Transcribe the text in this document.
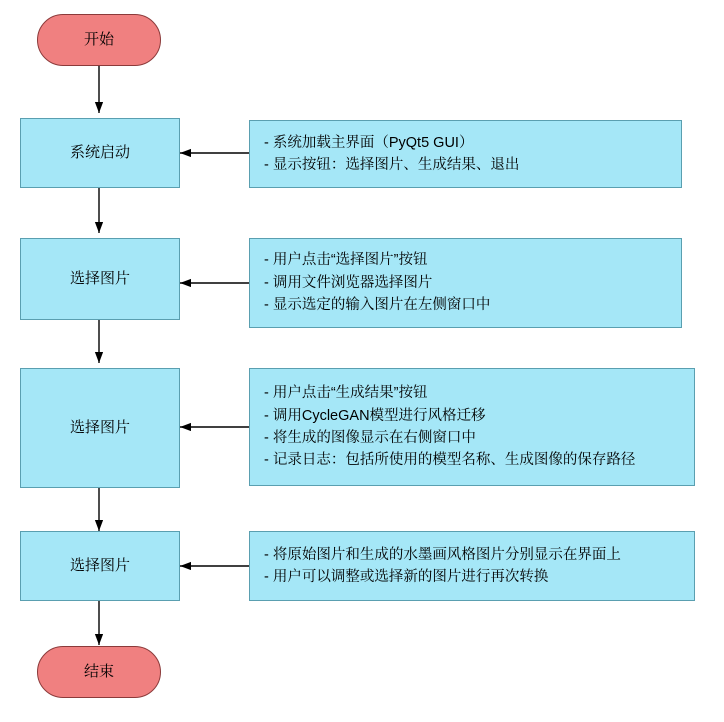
开始
系统启动
选择图片
选择图片
选择图片
结束
- 系统加载主界面（PyQt5 GUI）
- 显示按钮：选择图片、生成结果、退出
- 用户点击“选择图片”按钮
- 调用文件浏览器选择图片
- 显示选定的输入图片在左侧窗口中
- 用户点击“生成结果”按钮
- 调用CycleGAN模型进行风格迁移
- 将生成的图像显示在右侧窗口中
- 记录日志：包括所使用的模型名称、生成图像的保存路径
- 将原始图片和生成的水墨画风格图片分别显示在界面上
- 用户可以调整或选择新的图片进行再次转换
